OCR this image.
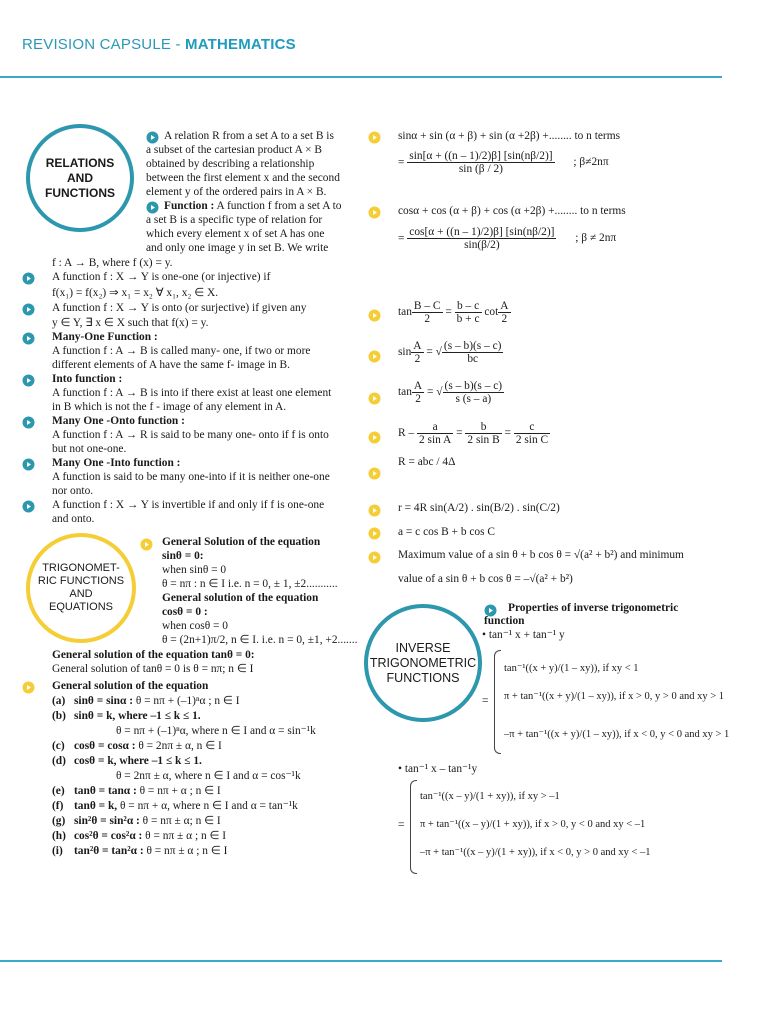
REVISION CAPSULE - MATHEMATICS
RELATIONS
AND
FUNCTIONS
TRIGONOMET-
RIC FUNCTIONS
AND
EQUATIONS
INVERSE
TRIGONOMETRIC
FUNCTIONS
A relation R from a set A to a set B is
a subset of the cartesian product A × B
obtained by describing a relationship
between the first element x and the second
element y of the ordered pairs in A × B.
Function : A function f from a set A to
a set B is a specific type of relation for
which every element x of set A has one
and only one image y in set B. We write
f : A → B, where f (x) = y.
A function f : X → Y is one-one (or injective) if
f(x₁) = f(x₂) ⇒ x₁ = x₂ ∀ x₁, x₂ ∈ X.
A function f : X → Y is onto (or surjective) if given any
y ∈ Y, ∃ x ∈ X such that f(x) = y.
Many-One Function :
A function f : A → B is called many- one, if two or more
different elements of A have the same f- image in B.
Into function :
A function f : A → B is into if there exist at least one element
in B which is not the f - image of any element in A.
Many One -Onto function :
A function f : A → R is said to be many one- onto if f is onto
but not one-one.
Many One -Into function :
A function is said to be many one-into if it is neither one-one
nor onto.
A function f : X → Y is invertible if and only if f is one-one
and onto.
General Solution of the equation
sinθ = 0:
when sinθ = 0
θ = nπ : n ∈ I i.e. n = 0, ± 1, ±2...........
General solution of the equation
cosθ = 0 :
when cosθ = 0
θ = (2n+1)π/2, n ∈ I. i.e. n = 0, ±1, +2.......
General solution of the equation tanθ = 0:
General solution of tanθ = 0 is θ = nπ; n ∈ I
General solution of the equation
(a) sinθ = sinα : θ = nπ + (–1)ⁿα ; n ∈ I
(b) sinθ = k, where –1 ≤ k ≤ 1.
θ = nπ + (–1)ⁿα, where n ∈ I and α = sin⁻¹k
(c) cosθ = cosα : θ = 2nπ ± α, n ∈ I
(d) cosθ = k, where –1 ≤ k ≤ 1.
θ = 2nπ ± α, where n ∈ I and α = cos⁻¹k
(e) tanθ = tanα : θ = nπ + α ; n ∈ I
(f) tanθ = k, θ = nπ + α, where n ∈ I and α = tan⁻¹k
(g) sin²θ = sin²α : θ = nπ ± α; n ∈ I
(h) cos²θ = cos²α : θ = nπ ± α ; n ∈ I
(i) tan²θ = tan²α : θ = nπ ± α ; n ∈ I
sinα + sin (α + β) + sin (α +2β) +........ to n terms
= $\frac{\sin[\alpha + ((n - 1)/2)\beta] [\sin(n\beta/2)]}{\sin (\beta / 2)}$ ; β≠2nπ
cosα + cos (α + β) + cos (α +2β) +........ to n terms
= $\frac{\cos[\alpha + ((n - 1)/2)\beta] [\sin(n\beta/2)]}{\sin(\beta/2)}$ ; β ≠ 2nπ
$\tan \frac{B - C}{2} = \frac{b - c}{b + c}$ $\cot \frac{A}{2}$
$\sin \frac{A}{2}$ = √ $\frac{(s - b)(s - c)}{bc}$
$\tan \frac{A}{2}$ = √ $\frac{(s - b)(s - c)}{s (s - a)}$
$R - \frac{a}{\text{2 sin A}} = \frac{b}{\text{2 sin B}} = \frac{c}{\text{2 sin C}}$
R = abc / 4Δ
r = 4R sin(A/2) . sin(B/2) . sin(C/2)
a = c cos B + b cos C
Maximum value of a sin θ + b cos θ = √(a² + b²) and minimum
value of a sin θ + b cos θ = –√(a² + b²)
Properties of inverse trigonometric
function
• tan⁻¹ x + tan⁻¹ y
=
tan⁻¹((x + y)/(1 – xy)), if xy < 1
π + tan⁻¹((x + y)/(1 – xy)), if x > 0, y > 0 and xy > 1
–π + tan⁻¹((x + y)/(1 – xy)), if x < 0, y < 0 and xy > 1
• tan⁻¹ x – tan⁻¹y
=
tan⁻¹((x – y)/(1 + xy)), if xy > –1
π + tan⁻¹((x – y)/(1 + xy)), if x > 0, y < 0 and xy < –1
–π + tan⁻¹((x – y)/(1 + xy)), if x < 0, y > 0 and xy < –1
